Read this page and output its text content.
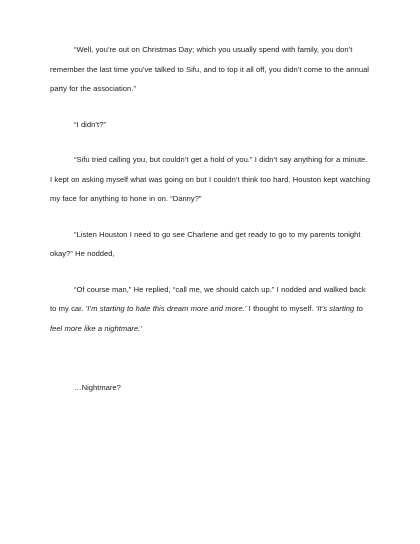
“Well, you’re out on Christmas Day; which you usually spend with family, you don’t remember the last time you’ve talked to Sifu, and to top it all off, you didn’t come to the annual party for the association.”

“I didn’t?”

“Sifu tried calling you, but couldn’t get a hold of you.” I didn’t say anything for a minute. I kept on asking myself what was going on but I couldn’t think too hard. Houston kept watching my face for anything to hone in on. “Danny?”

“Listen Houston I need to go see Charlene and get ready to go to my parents tonight okay?” He nodded,

“Of course man,” He replied, “call me, we should catch up.” I nodded and walked back to my car. ‘I’m starting to hate this dream more and more.’ I thought to myself. ‘It’s starting to feel more like a nightmare.’

…Nightmare?
